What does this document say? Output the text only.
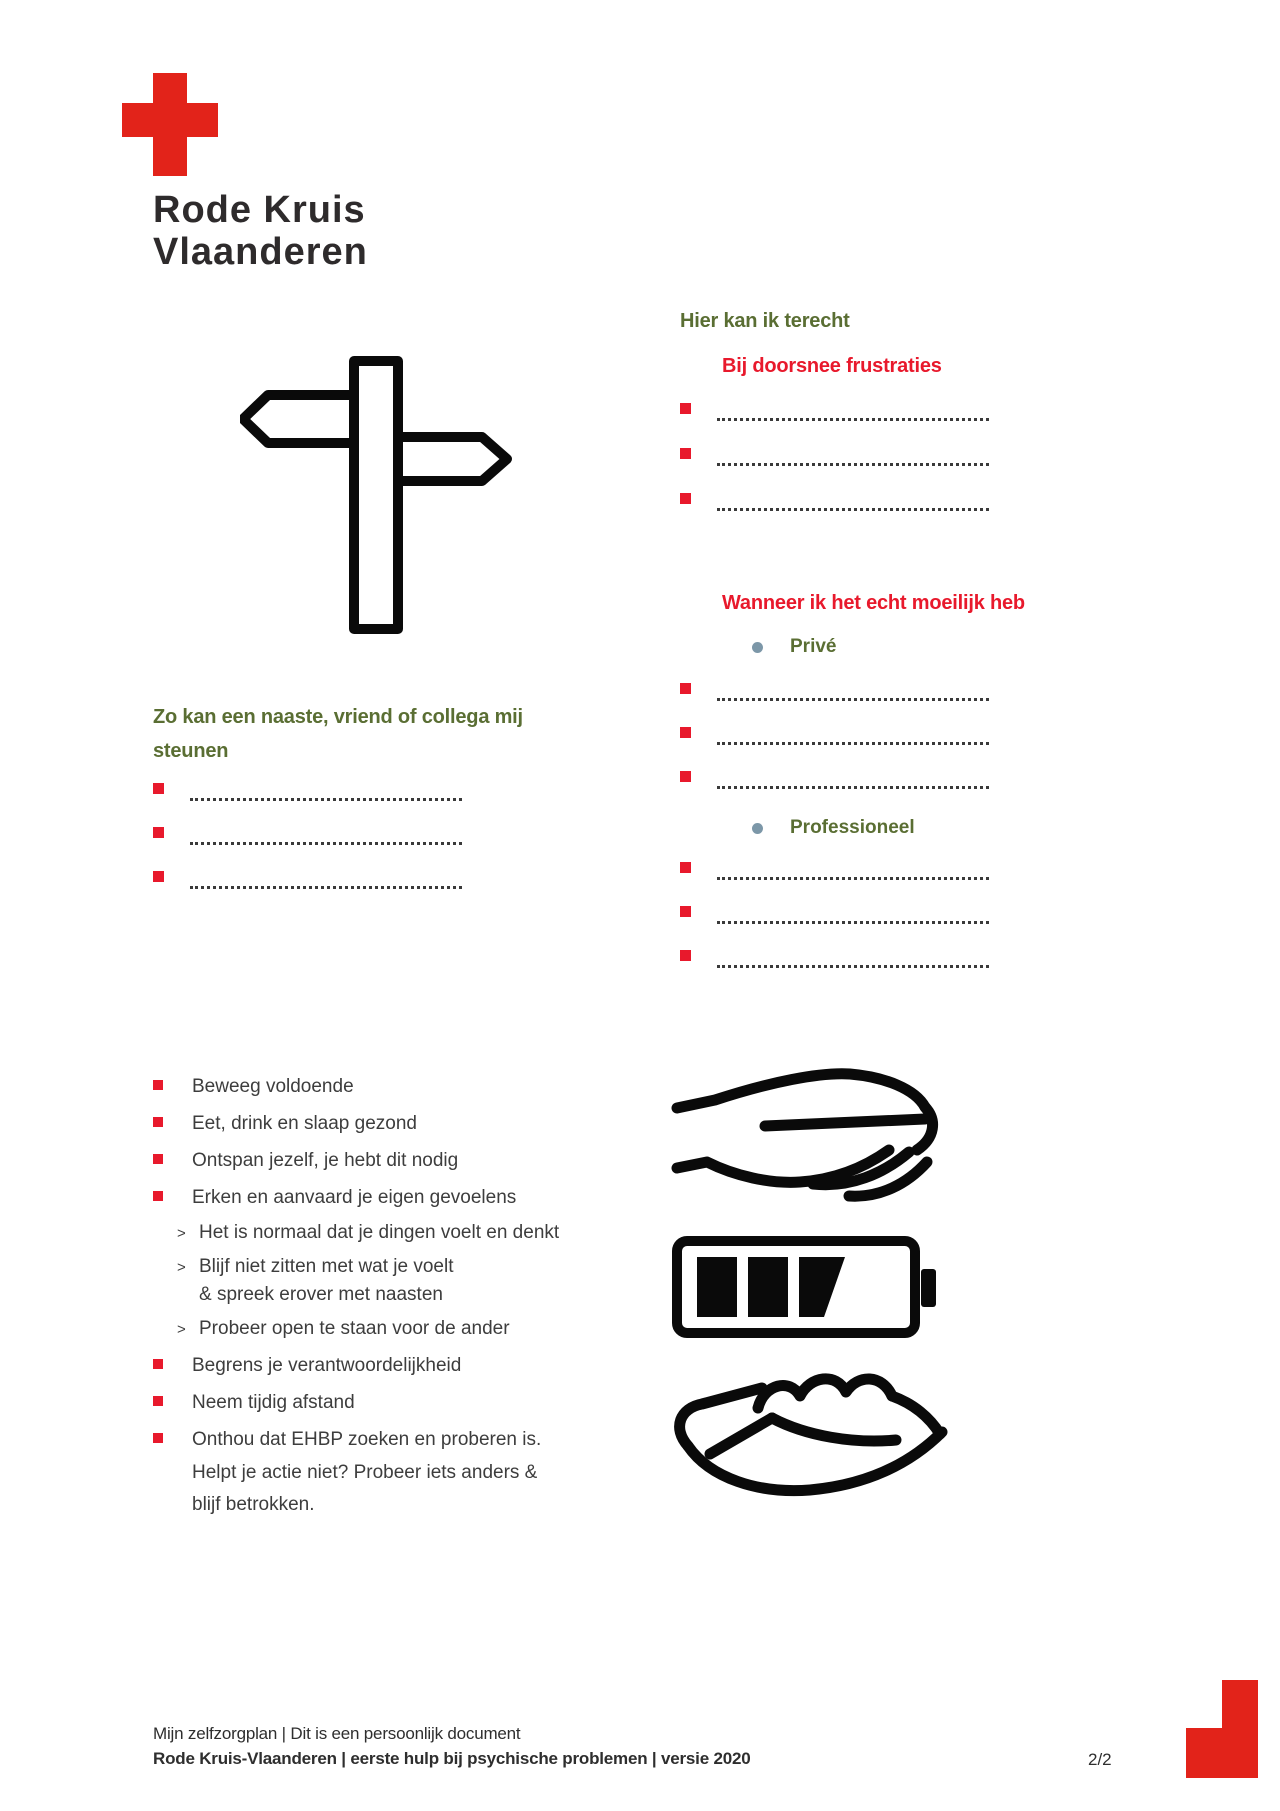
Rode Kruis
Vlaanderen
Hier kan ik terecht
Bij doorsnee frustraties
Wanneer ik het echt moeilijk heb
Privé
Professioneel
Zo kan een naaste, vriend of collega mij
steunen
Beweeg voldoende
Eet, drink en slaap gezond
Ontspan jezelf, je hebt dit nodig
Erken en aanvaard je eigen gevoelens
> Het is normaal dat je dingen voelt en denkt
> Blijf niet zitten met wat je voelt
& spreek erover met naasten
> Probeer open te staan voor de ander
Begrens je verantwoordelijkheid
Neem tijdig afstand
Onthou dat EHBP zoeken en proberen is.
Helpt je actie niet? Probeer iets anders &
blijf betrokken.
Mijn zelfzorgplan | Dit is een persoonlijk document
Rode Kruis-Vlaanderen | eerste hulp bij psychische problemen | versie 2020	2/2
